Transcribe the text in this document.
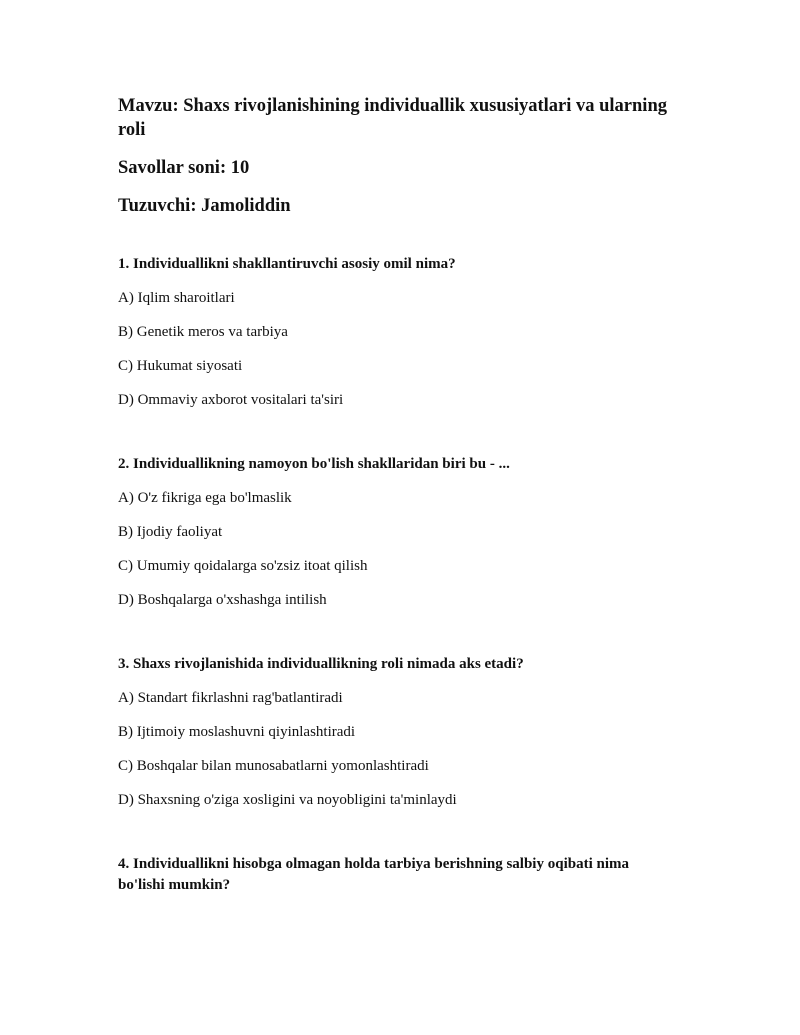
Mavzu: Shaxs rivojlanishining individuallik xususiyatlari va ularning roli
Savollar soni: 10
Tuzuvchi: Jamoliddin
1. Individuallikni shakllantiruvchi asosiy omil nima?
A) Iqlim sharoitlari
B) Genetik meros va tarbiya
C) Hukumat siyosati
D) Ommaviy axborot vositalari ta'siri
2. Individuallikning namoyon bo'lish shakllaridan biri bu - ...
A) O'z fikriga ega bo'lmaslik
B) Ijodiy faoliyat
C) Umumiy qoidalarga so'zsiz itoat qilish
D) Boshqalarga o'xshashga intilish
3. Shaxs rivojlanishida individuallikning roli nimada aks etadi?
A) Standart fikrlashni rag'batlantiradi
B) Ijtimoiy moslashuvni qiyinlashtiradi
C) Boshqalar bilan munosabatlarni yomonlashtiradi
D) Shaxsning o'ziga xosligini va noyobligini ta'minlaydi
4. Individuallikni hisobga olmagan holda tarbiya berishning salbiy oqibati nima bo'lishi mumkin?
